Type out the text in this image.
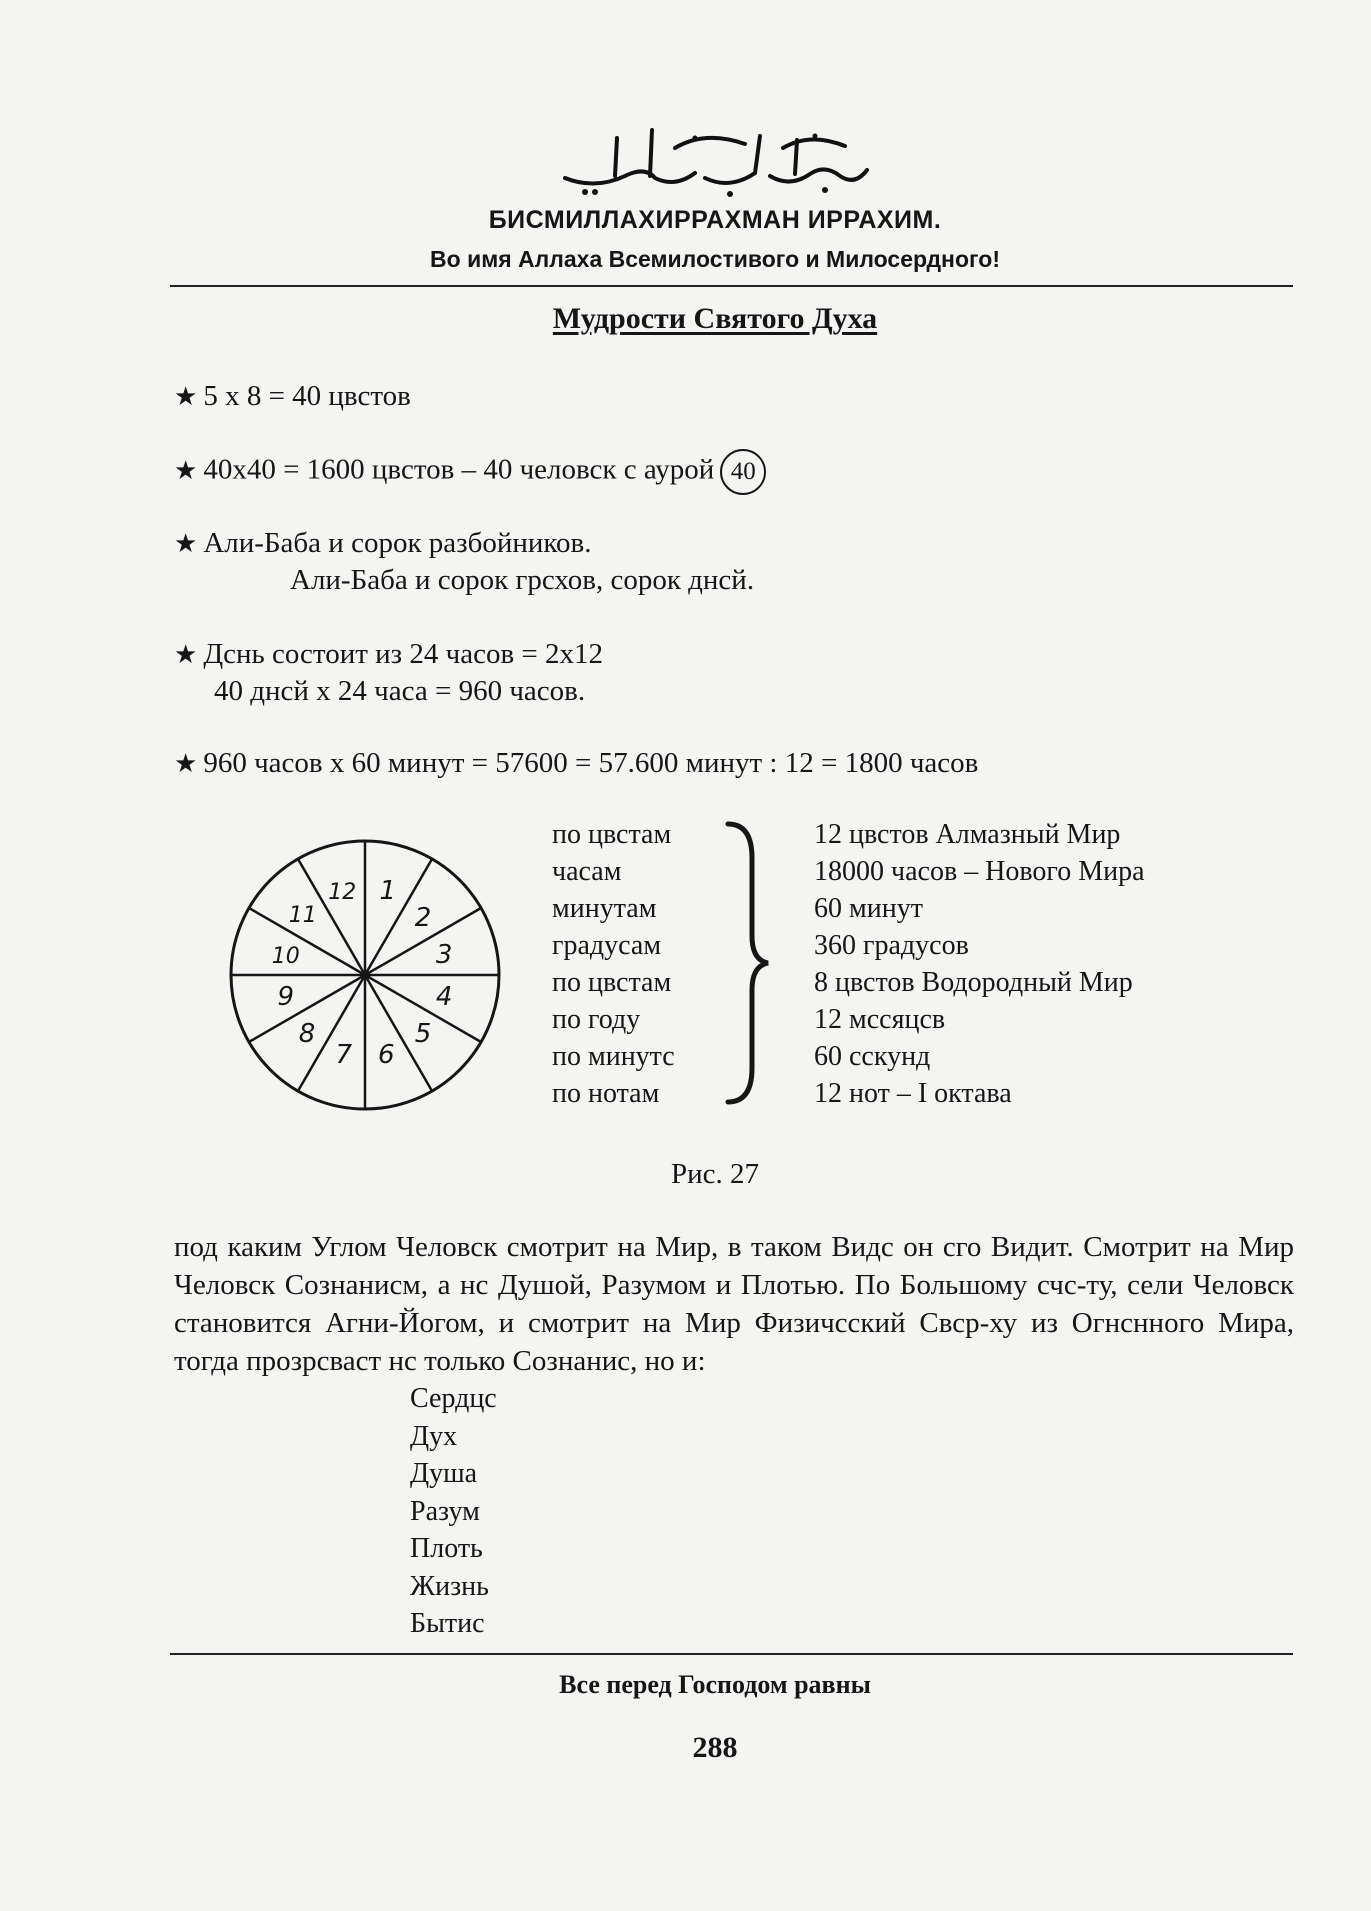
БИСМИЛЛАХИРРАХМАН ИРРАХИМ.
Во имя Аллаха Всемилостивого и Милосердного!
Мудрости Святого Духа
★ 5 х 8 = 40 цвстов
★ 40х40 = 1600 цвстов – 40 человск с аурой 40
★ Али-Баба и сорок разбойников.
Али-Баба и сорок грсхов, сорок днсй.
★ Дснь состоит из 24 часов = 2х12
40 днсй х 24 часа = 960 часов.
★ 960 часов х 60 минут = 57600 = 57.600 минут : 12 = 1800 часов
12 1
2
3
4
5
6
7
8
9
10
11
по цвстам
часам
минутам
градусам
по цвстам
по году
по минутс
по нотам
12 цвстов Алмазный Мир
18000 часов – Нового Мира
60 минут
360 градусов
8 цвстов Водородный Мир
12 мссяцсв
60 сскунд
12 нот – I октава
Рис. 27
под каким Углом Человск смотрит на Мир, в таком Видс он сго Видит. Смотрит на Мир Человск Сознанисм, а нс Душой, Разумом и Плотью. По Большому счс-ту, сели Человск становится Агни-Йогом, и смотрит на Мир Физичсский Свср-ху из Огнснного Мира, тогда прозрсваст нс только Сознанис, но и:
Сердцс
Дух
Душа
Разум
Плоть
Жизнь
Бытис
Все перед Господом равны
288
